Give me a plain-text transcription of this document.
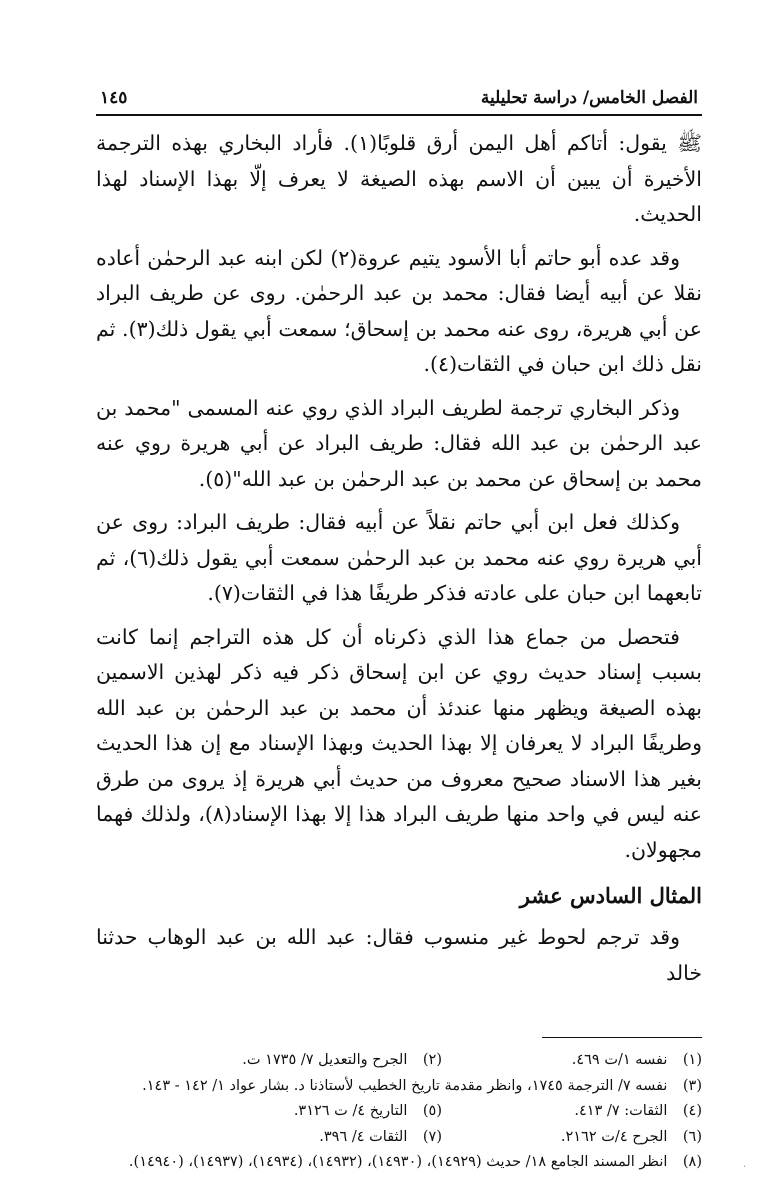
الفصل الخامس/ دراسة تحليلية
١٤٥

ﷺ يقول: أتاكم أهل اليمن أرق قلوبًا(١). فأراد البخاري بهذه الترجمة الأخيرة أن يبين أن الاسم بهذه الصيغة لا يعرف إلّا بهذا الإسناد لهذا الحديث.

وقد عده أبو حاتم أبا الأسود يتيم عروة(٢) لكن ابنه عبد الرحمٰن أعاده نقلا عن أبيه أيضا فقال: محمد بن عبد الرحمٰن. روى عن طريف البراد عن أبي هريرة، روى عنه محمد بن إسحاق؛ سمعت أبي يقول ذلك(٣). ثم نقل ذلك ابن حبان في الثقات(٤).

وذكر البخاري ترجمة لطريف البراد الذي روي عنه المسمى "محمد بن عبد الرحمٰن بن عبد الله فقال: طريف البراد عن أبي هريرة روي عنه محمد بن إسحاق عن محمد بن عبد الرحمٰن بن عبد الله"(٥).

وكذلك فعل ابن أبي حاتم نقلاً عن أبيه فقال: طريف البراد: روى عن أبي هريرة روي عنه محمد بن عبد الرحمٰن سمعت أبي يقول ذلك(٦)، ثم تابعهما ابن حبان على عادته فذكر طريفًا هذا في الثقات(٧).

فتحصل من جماع هذا الذي ذكرناه أن كل هذه التراجم إنما كانت بسبب إسناد حديث روي عن ابن إسحاق ذكر فيه ذكر لهذين الاسمين بهذه الصيغة ويظهر منها عندئذ أن محمد بن عبد الرحمٰن بن عبد الله وطريفًا البراد لا يعرفان إلا بهذا الحديث وبهذا الإسناد مع إن هذا الحديث بغير هذا الاسناد صحيح معروف من حديث أبي هريرة إذ يروى من طرق عنه ليس في واحد منها طريف البراد هذا إلا بهذا الإسناد(٨)، ولذلك فهما مجهولان.

المثال السادس عشر

وقد ترجم لحوط غير منسوب فقال: عبد الله بن عبد الوهاب حدثنا خالد

(١) نفسه ١/ت ٤٦٩.
(٢) الجرح والتعديل ٧/ ١٧٣٥ ت.
(٣) نفسه ٧/ الترجمة ١٧٤٥، وانظر مقدمة تاريخ الخطيب لأستاذنا د. بشار عواد ١/ ١٤٢ - ١٤٣.
(٤) الثقات: ٧/ ٤١٣.
(٥) التاريخ ٤/ ت ٣١٢٦.
(٦) الجرح ٤/ت ٢١٦٢.
(٧) الثقات ٤/ ٣٩٦.
(٨) انظر المسند الجامع ١٨/ حديث (١٤٩٢٩)، (١٤٩٣٠)، (١٤٩٣٢)، (١٤٩٣٤)، (١٤٩٣٧)، (١٤٩٤٠).	.
